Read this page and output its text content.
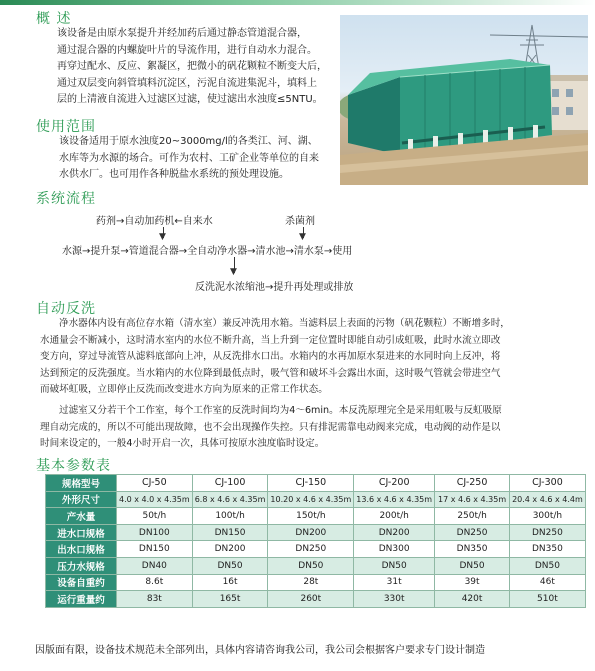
概 述
该设备是由原水泵提升并经加药后通过静态管道混合器，
通过混合器的内螺旋叶片的导流作用，进行自动水力混合。
再穿过配水、反应、絮凝区，把微小的矾花颗粒不断变大后，
通过双层变向斜管填料沉淀区，污泥自流进集泥斗，填料上
层的上清液自流进入过滤区过滤，使过滤出水浊度≤5NTU。
使用范围
该设备适用于原水浊度20~3000mg/l的各类江、河、湖、
水库等为水源的场合。可作为农村、工矿企业等单位的自来
水供水厂。也可用作各种脱盐水系统的预处理设施。
系统流程
药剂→自动加药机←自来水	杀菌剂
▼	▼
水源→提升泵→管道混合器→全自动净水器→清水池→清水泵→使用
▼
反洗泥水浓缩池→提升再处理或排放
自动反洗
净水器体内设有高位存水箱（清水室）兼反冲洗用水箱。当滤料层上表面的污物（矾花颗粒）不断增多时，
水通量会不断减小，这时清水室内的水位不断升高，当上升到一定位置时即能自动引成虹吸，此时水流立即改
变方向，穿过导流管从滤料底部向上冲，从反洗排水口出。水箱内的水再加原水泵进来的水同时向上反冲，将
达到预定的反洗强度。当水箱内的水位降到最低点时，吸气管和破坏斗会露出水面，这时吸气管就会带进空气
而破坏虹吸，立即停止反洗而改变进水方向为原来的正常工作状态。
过滤室又分若干个工作室，每个工作室的反洗时间均为4～6min。本反洗原理完全是采用虹吸与反虹吸原
理自动完成的，所以不可能出现故障，也不会出现操作失控。只有排泥需靠电动阀来完成，电动阀的动作是以
时间来设定的，一般4小时开启一次，具体可按原水浊度临时设定。
基本参数表
规格型号	CJ-50	CJ-100	CJ-150	CJ-200	CJ-250	CJ-300
外形尺寸	4.0 x 4.0 x 4.35m	6.8 x 4.6 x 4.35m	10.20 x 4.6 x 4.35m	13.6 x 4.6 x 4.35m	17 x 4.6 x 4.35m	20.4 x 4.6 x 4.4m
产水量	50t/h	100t/h	150t/h	200t/h	250t/h	300t/h
进水口规格	DN100	DN150	DN200	DN200	DN250	DN250
出水口规格	DN150	DN200	DN250	DN300	DN350	DN350
压力水规格	DN40	DN50	DN50	DN50	DN50	DN50
设备自重约	8.6t	16t	28t	31t	39t	46t
运行重量约	83t	165t	260t	330t	420t	510t
因版面有限，设备技术规范未全部列出，具体内容请咨询我公司，我公司会根据客户要求专门设计制造
